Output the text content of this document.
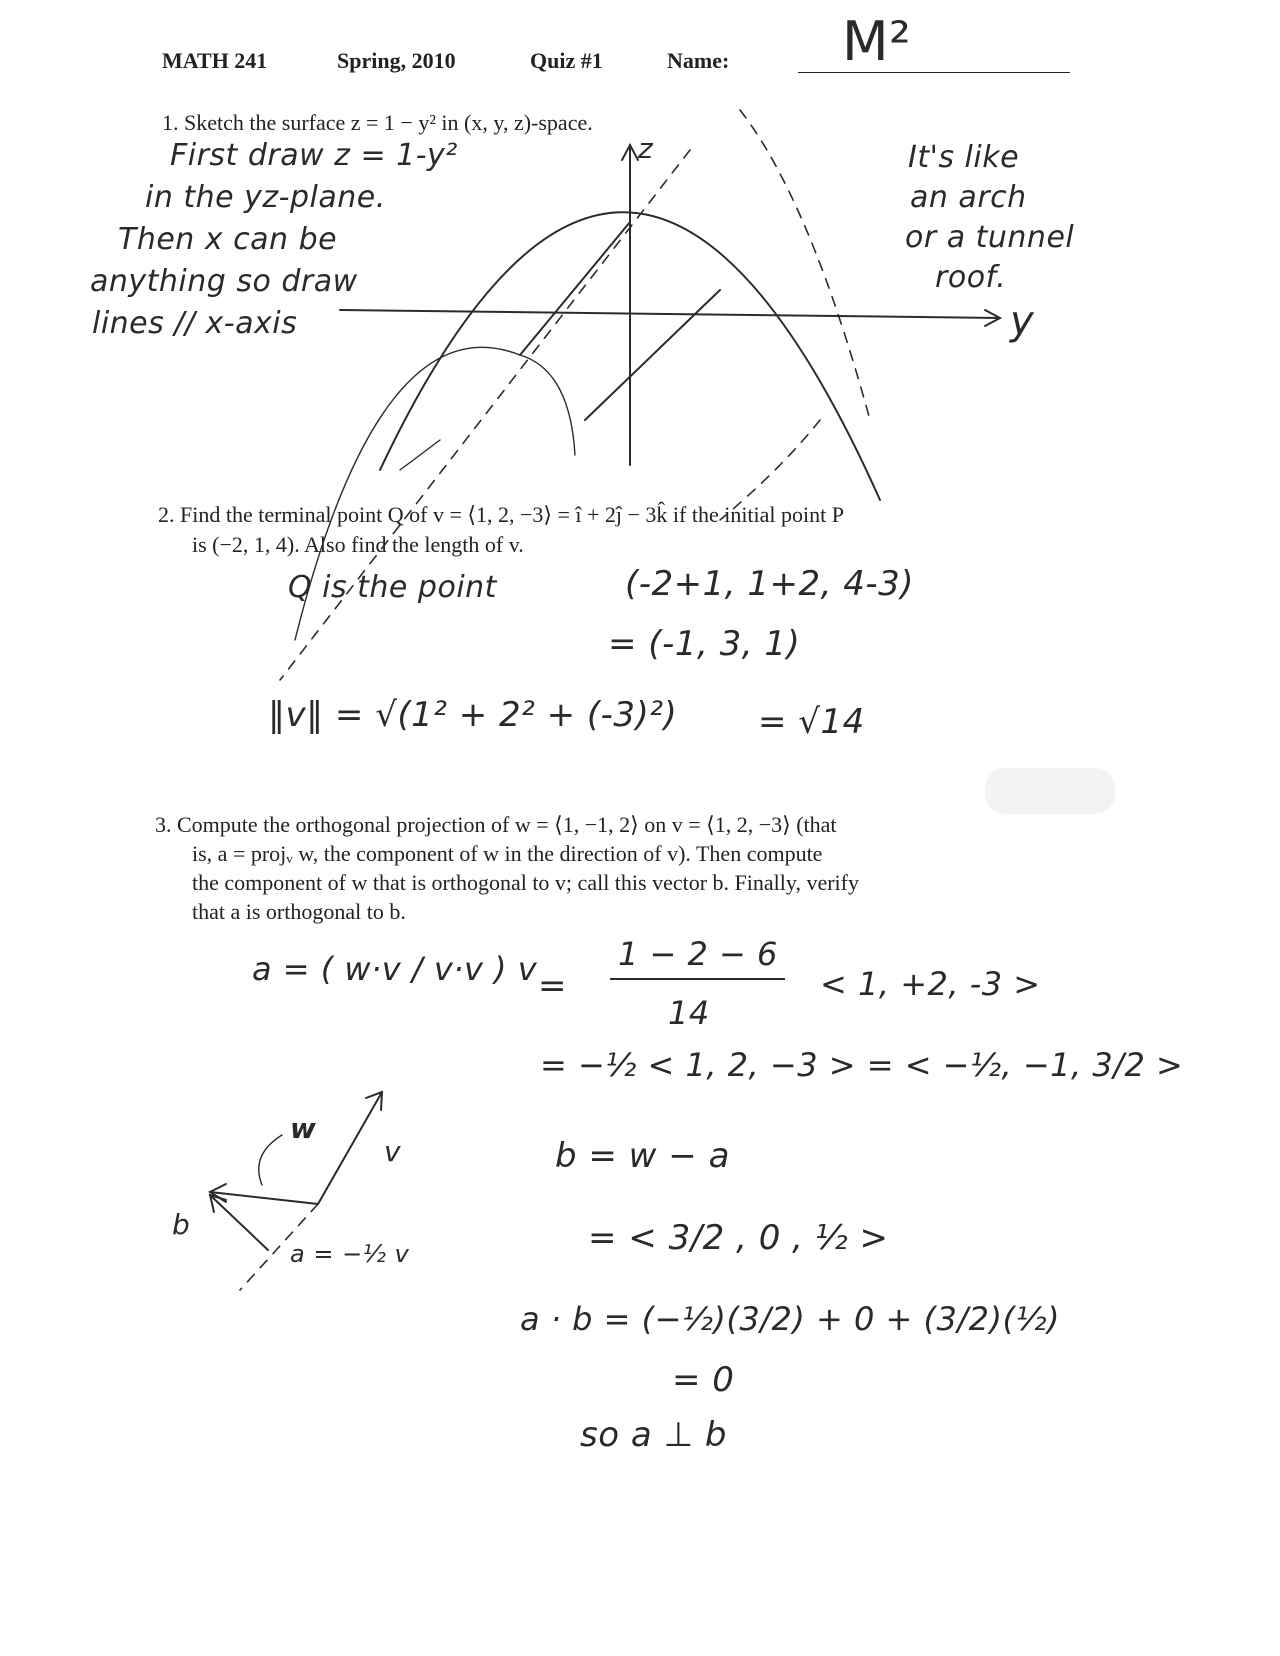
MATH 241	Spring, 2010	Quiz #1	Name: M²
1. Sketch the surface z = 1 − y² in (x, y, z)-space.
First draw z = 1-y²
in the yz-plane.
Then x can be
anything so draw
lines // x-axis
It's like
an arch
or a tunnel
roof.
z
y
2. Find the terminal point Q of v = ⟨1, 2, −3⟩ = î + 2ĵ − 3k̂ if the initial point P
is (−2, 1, 4). Also find the length of v.
Q is the point	(-2+1, 1+2, 4-3)
= (-1, 3, 1)
‖v‖ = √(1² + 2² + (-3)²) = √14
3. Compute the orthogonal projection of w = ⟨1, −1, 2⟩ on v = ⟨1, 2, −3⟩ (that
is, a = projᵥ w, the component of w in the direction of v). Then compute
the component of w that is orthogonal to v; call this vector b. Finally, verify
that a is orthogonal to b.
a = ( w·v / v·v ) v =
1 − 2 − 6
14
< 1, +2, -3 >
= −½ < 1, 2, −3 > = < −½, −1, 3/2 >
b = w − a
= < 3/2 , 0 , ½ >
a · b = (−½)(3/2) + 0 + (3/2)(½)
= 0
so a ⊥ b
w
v
b
a = −½ v
